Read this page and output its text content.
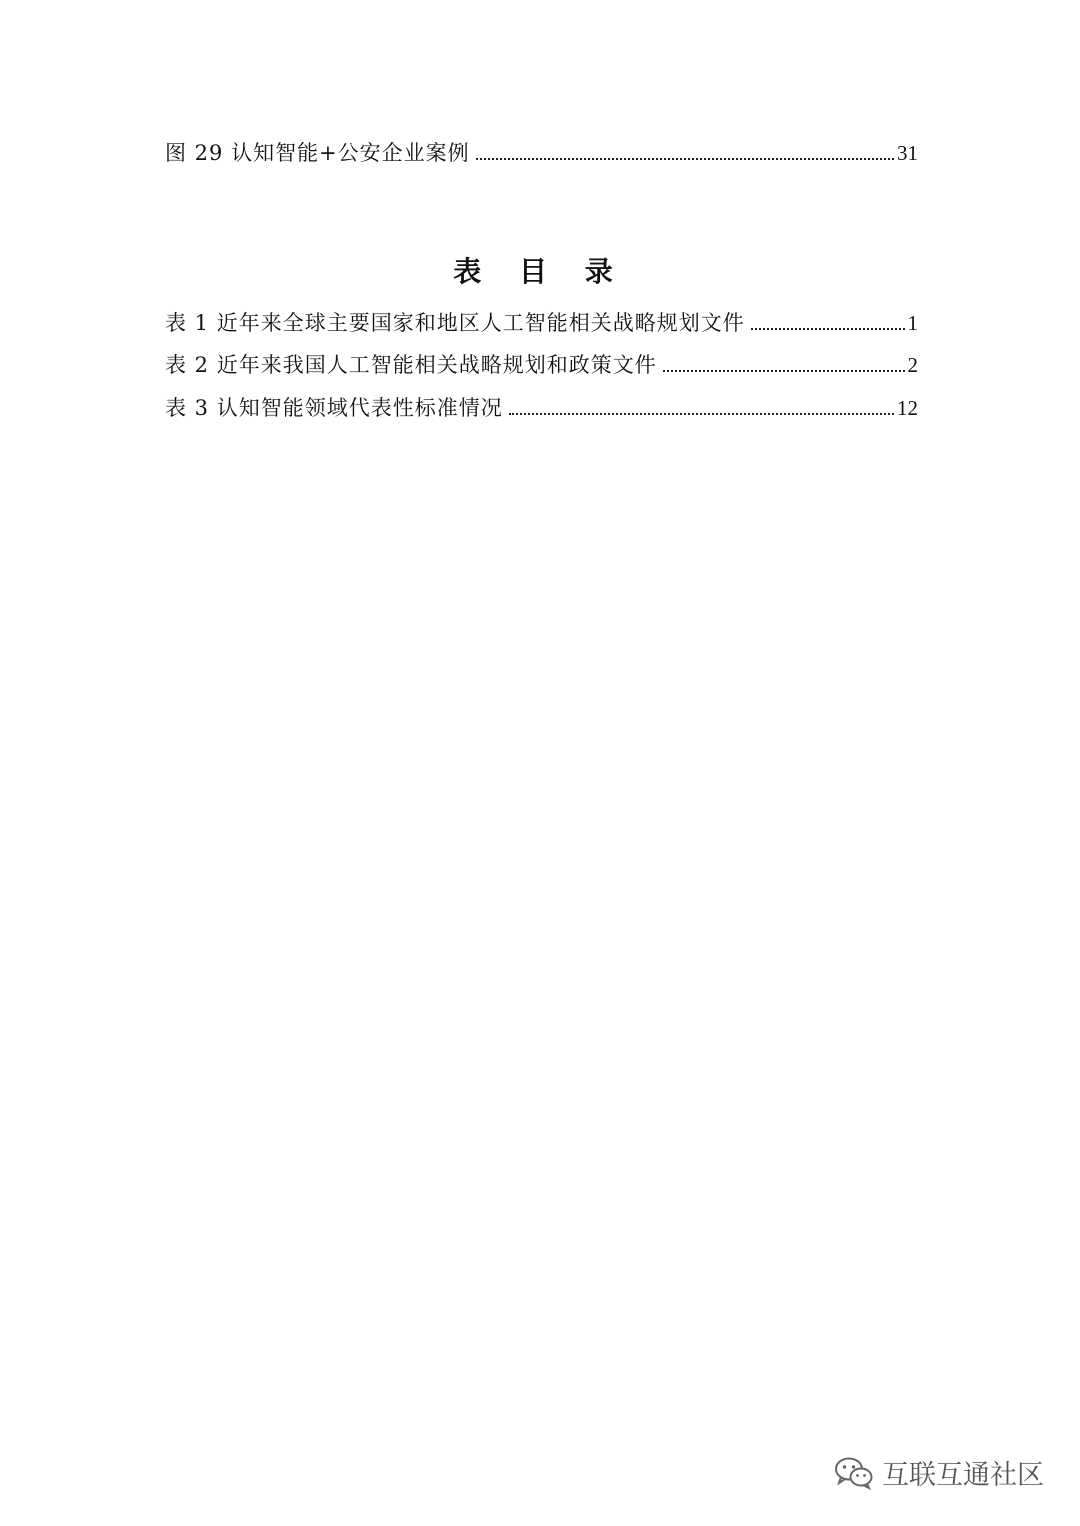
图 29 认知智能+公安企业案例	31
表 目 录
表 1 近年来全球主要国家和地区人工智能相关战略规划文件	1
表 2 近年来我国人工智能相关战略规划和政策文件	2
表 3 认知智能领域代表性标准情况	12
互联互通社区
